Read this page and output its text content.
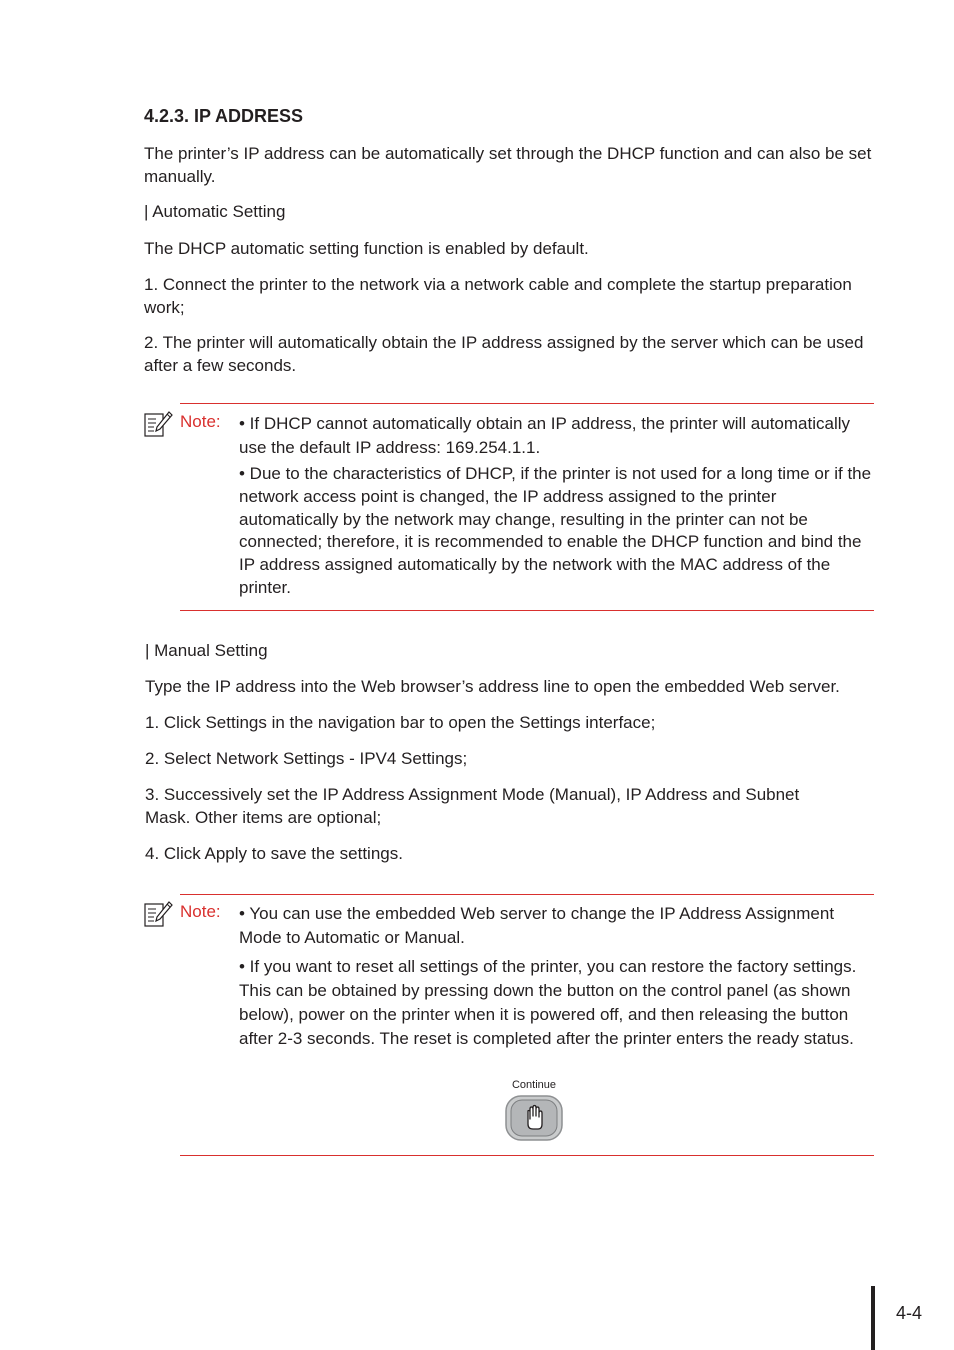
4.2.3. IP ADDRESS

The printer’s IP address can be automatically set through the DHCP function and can also be set manually.

| Automatic Setting

The DHCP automatic setting function is enabled by default.

1. Connect the printer to the network via a network cable and complete the startup preparation work;

2. The printer will automatically obtain the IP address assigned by the server which can be used after a few seconds.

Note: • If DHCP cannot automatically obtain an IP address, the printer will automatically use the default IP address: 169.254.1.1.

• Due to the characteristics of DHCP, if the printer is not used for a long time or if the network access point is changed, the IP address assigned to the printer automatically by the network may change, resulting in the printer can not be connected; therefore, it is recommended to enable the DHCP function and bind the IP address assigned automatically by the network with the MAC address of the printer.

| Manual Setting

Type the IP address into the Web browser’s address line to open the embedded Web server.

1. Click Settings in the navigation bar to open the Settings interface;

2. Select Network Settings - IPV4 Settings;

3. Successively set the IP Address Assignment Mode (Manual), IP Address and Subnet Mask. Other items are optional;

4. Click Apply to save the settings.

Note: • You can use the embedded Web server to change the IP Address Assignment Mode to Automatic or Manual.

• If you want to reset all settings of the printer, you can restore the factory settings. This can be obtained by pressing down the button on the control panel (as shown below), power on the printer when it is powered off, and then releasing the button after 2-3 seconds. The reset is completed after the printer enters the ready status.

Continue
4-4
